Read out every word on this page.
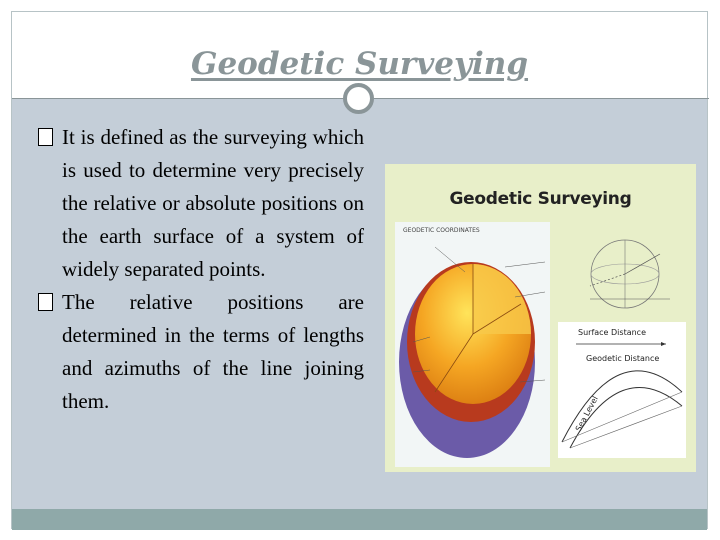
Geodetic Surveying
It is defined as the surveying which is used to determine very precisely the relative or absolute positions on the earth surface of a system of widely separated points.
The relative positions are determined in the terms of lengths and azimuths of the line joining them.
Geodetic Surveying
GEODETIC COORDINATES
Surface Distance
Geodetic Distance
Sea Level
